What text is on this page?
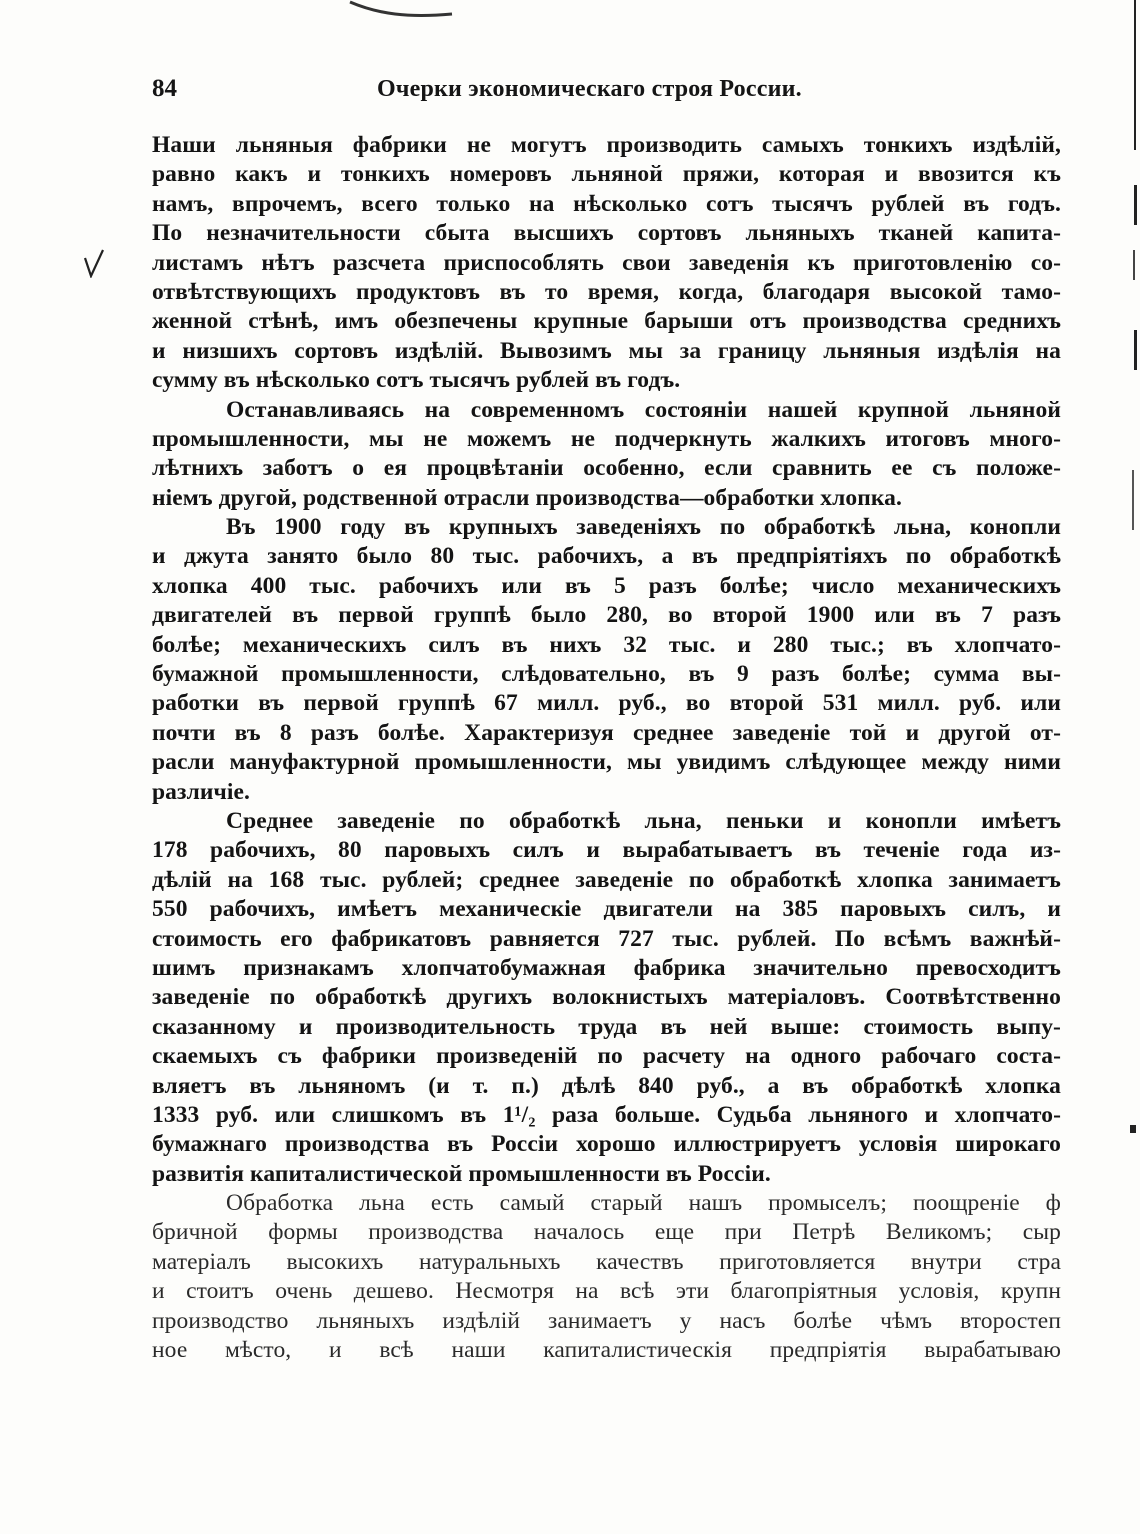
84	Очерки экономическаго строя России.
Наши льняныя фабрики не могутъ производить самыхъ тонкихъ издѣлій,
равно какъ и тонкихъ номеровъ льняной пряжи, которая и ввозится къ
намъ, впрочемъ, всего только на нѣсколько сотъ тысячъ рублей въ годъ.
По незначительности сбыта высшихъ сортовъ льняныхъ тканей капита-
листамъ нѣтъ разсчета приспособлять свои заведенія къ приготовленію со-
отвѣтствующихъ продуктовъ въ то время, когда, благодаря высокой тамо-
женной стѣнѣ, имъ обезпечены крупные барыши отъ производства среднихъ
и низшихъ сортовъ издѣлій. Вывозимъ мы за границу льняныя издѣлія на
сумму въ нѣсколько сотъ тысячъ рублей въ годъ.
Останавливаясь на современномъ состояніи нашей крупной льняной
промышленности, мы не можемъ не подчеркнуть жалкихъ итоговъ много-
лѣтнихъ заботъ о ея процвѣтаніи особенно, если сравнить ее съ положе-
ніемъ другой, родственной отрасли производства—обработки хлопка.
Въ 1900 году въ крупныхъ заведеніяхъ по обработкѣ льна, конопли
и джута занято было 80 тыс. рабочихъ, а въ предпріятіяхъ по обработкѣ
хлопка 400 тыс. рабочихъ или въ 5 разъ болѣе; число механическихъ
двигателей въ первой группѣ было 280, во второй 1900 или въ 7 разъ
болѣе; механическихъ силъ въ нихъ 32 тыс. и 280 тыс.; въ хлопчато-
бумажной промышленности, слѣдовательно, въ 9 разъ болѣе; сумма вы-
работки въ первой группѣ 67 милл. руб., во второй 531 милл. руб. или
почти въ 8 разъ болѣе. Характеризуя среднее заведеніе той и другой от-
расли мануфактурной промышленности, мы увидимъ слѣдующее между ними
различіе.
Среднее заведеніе по обработкѣ льна, пеньки и конопли имѣетъ
178 рабочихъ, 80 паровыхъ силъ и вырабатываетъ въ теченіе года из-
дѣлій на 168 тыс. рублей; среднее заведеніе по обработкѣ хлопка занимаетъ
550 рабочихъ, имѣетъ механическіе двигатели на 385 паровыхъ силъ, и
стоимость его фабрикатовъ равняется 727 тыс. рублей. По всѣмъ важнѣй-
шимъ признакамъ хлопчатобумажная фабрика значительно превосходитъ
заведеніе по обработкѣ другихъ волокнистыхъ матеріаловъ. Соотвѣтственно
сказанному и производительность труда въ ней выше: стоимость выпу-
скаемыхъ съ фабрики произведеній по расчету на одного рабочаго соста-
вляетъ въ льняномъ (и т. п.) дѣлѣ 840 руб., а въ обработкѣ хлопка
1333 руб. или слишкомъ въ 1¹/₂ раза больше. Судьба льняного и хлопчато-
бумажнаго производства въ Россіи хорошо иллюстрируетъ условія широкаго
развитія капиталистической промышленности въ Россіи.
Обработка льна есть самый старый нашъ промыселъ; поощреніе ф
бричной формы производства началось еще при Петрѣ Великомъ; сыр
матеріалъ высокихъ натуральныхъ качествъ приготовляется внутри стра
и стоитъ очень дешево. Несмотря на всѣ эти благопріятныя условія, крупн
производство льняныхъ издѣлій занимаетъ у насъ болѣе чѣмъ второстеп
ное мѣсто, и всѣ наши капиталистическія предпріятія вырабатываю
